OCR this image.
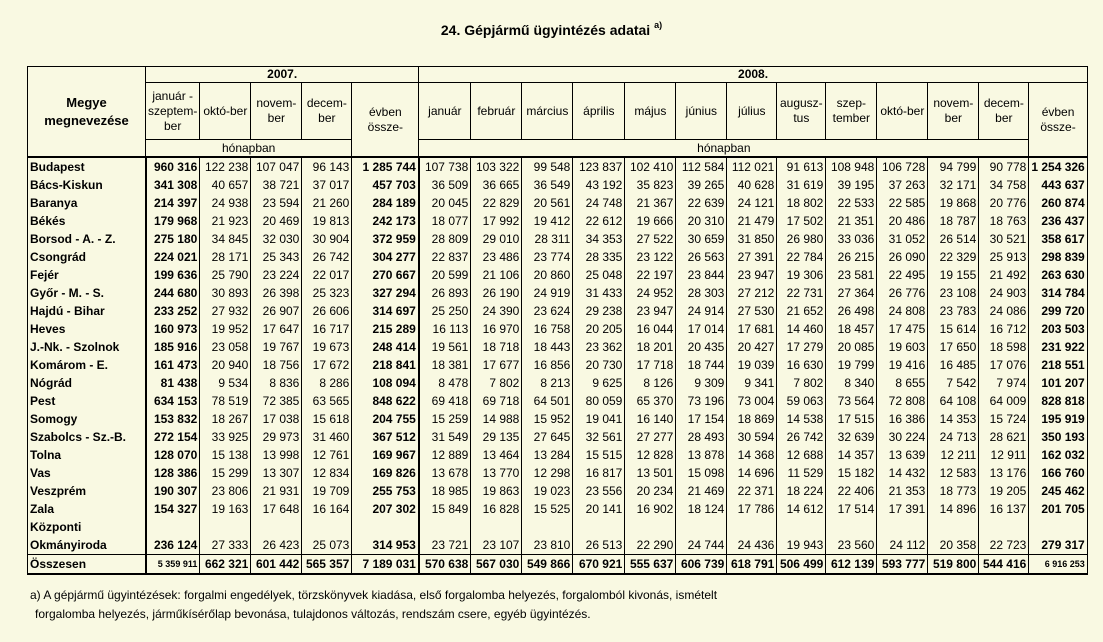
24. Gépjármű ügyintézés adatai $^{a)}$
Megye megnevezése	2007.					2008.												
	január - szeptem-ber	októ-ber	novem-ber	decem-ber	évben össze-	január	február	március	április	május	június	július	augusz-tus	szep-tember	októ-ber	novem-ber	decem-ber	évben össze-
	hónapban					hónapban												
Budapest	960 316	122 238	107 047	96 143	1 285 744	107 738	103 322	99 548	123 837	102 410	112 584	112 021	91 613	108 948	106 728	94 799	90 778	1 254 326
Bács-Kiskun	341 308	40 657	38 721	37 017	457 703	36 509	36 665	36 549	43 192	35 823	39 265	40 628	31 619	39 195	37 263	32 171	34 758	443 637
Baranya	214 397	24 938	23 594	21 260	284 189	20 045	22 829	20 561	24 748	21 367	22 639	24 121	18 802	22 533	22 585	19 868	20 776	260 874
Békés	179 968	21 923	20 469	19 813	242 173	18 077	17 992	19 412	22 612	19 666	20 310	21 479	17 502	21 351	20 486	18 787	18 763	236 437
Borsod - A. - Z.	275 180	34 845	32 030	30 904	372 959	28 809	29 010	28 311	34 353	27 522	30 659	31 850	26 980	33 036	31 052	26 514	30 521	358 617
Csongrád	224 021	28 171	25 343	26 742	304 277	22 837	23 486	23 774	28 335	23 122	26 563	27 391	22 784	26 215	26 090	22 329	25 913	298 839
Fejér	199 636	25 790	23 224	22 017	270 667	20 599	21 106	20 860	25 048	22 197	23 844	23 947	19 306	23 581	22 495	19 155	21 492	263 630
Győr - M. - S.	244 680	30 893	26 398	25 323	327 294	26 893	26 190	24 919	31 433	24 952	28 303	27 212	22 731	27 364	26 776	23 108	24 903	314 784
Hajdú - Bihar	233 252	27 932	26 907	26 606	314 697	25 250	24 390	23 624	29 238	23 947	24 914	27 530	21 652	26 498	24 808	23 783	24 086	299 720
Heves	160 973	19 952	17 647	16 717	215 289	16 113	16 970	16 758	20 205	16 044	17 014	17 681	14 460	18 457	17 475	15 614	16 712	203 503
J.-Nk. - Szolnok	185 916	23 058	19 767	19 673	248 414	19 561	18 718	18 443	23 362	18 201	20 435	20 427	17 279	20 085	19 603	17 650	18 598	231 922
Komárom - E.	161 473	20 940	18 756	17 672	218 841	18 381	17 677	16 856	20 730	17 718	18 744	19 039	16 630	19 799	19 416	16 485	17 076	218 551
Nógrád	81 438	9 534	8 836	8 286	108 094	8 478	7 802	8 213	9 625	8 126	9 309	9 341	7 802	8 340	8 655	7 542	7 974	101 207
Pest	634 153	78 519	72 385	63 565	848 622	69 418	69 718	64 501	80 059	65 370	73 196	73 004	59 063	73 564	72 808	64 108	64 009	828 818
Somogy	153 832	18 267	17 038	15 618	204 755	15 259	14 988	15 952	19 041	16 140	17 154	18 869	14 538	17 515	16 386	14 353	15 724	195 919
Szabolcs - Sz.-B.	272 154	33 925	29 973	31 460	367 512	31 549	29 135	27 645	32 561	27 277	28 493	30 594	26 742	32 639	30 224	24 713	28 621	350 193
Tolna	128 070	15 138	13 998	12 761	169 967	12 889	13 464	13 284	15 515	12 828	13 878	14 368	12 688	14 357	13 639	12 211	12 911	162 032
Vas	128 386	15 299	13 307	12 834	169 826	13 678	13 770	12 298	16 817	13 501	15 098	14 696	11 529	15 182	14 432	12 583	13 176	166 760
Veszprém	190 307	23 806	21 931	19 709	255 753	18 985	19 863	19 023	23 556	20 234	21 469	22 371	18 224	22 406	21 353	18 773	19 205	245 462
Zala	154 327	19 163	17 648	16 164	207 302	15 849	16 828	15 525	20 141	16 902	18 124	17 786	14 612	17 514	17 391	14 896	16 137	201 705
Központi																		
Okmányiroda	236 124	27 333	26 423	25 073	314 953	23 721	23 107	23 810	26 513	22 290	24 744	24 436	19 943	23 560	24 112	20 358	22 723	279 317
Összesen	5 359 911	662 321	601 442	565 357	7 189 031	570 638	567 030	549 866	670 921	555 637	606 739	618 791	506 499	612 139	593 777	519 800	544 416	6 916 253
a) A gépjármű ügyintézések: forgalmi engedélyek, törzskönyvek kiadása, első forgalomba helyezés, forgalomból kivonás, ismételt
forgalomba helyezés, járműkísérőlap bevonása, tulajdonos változás, rendszám csere, egyéb ügyintézés.
